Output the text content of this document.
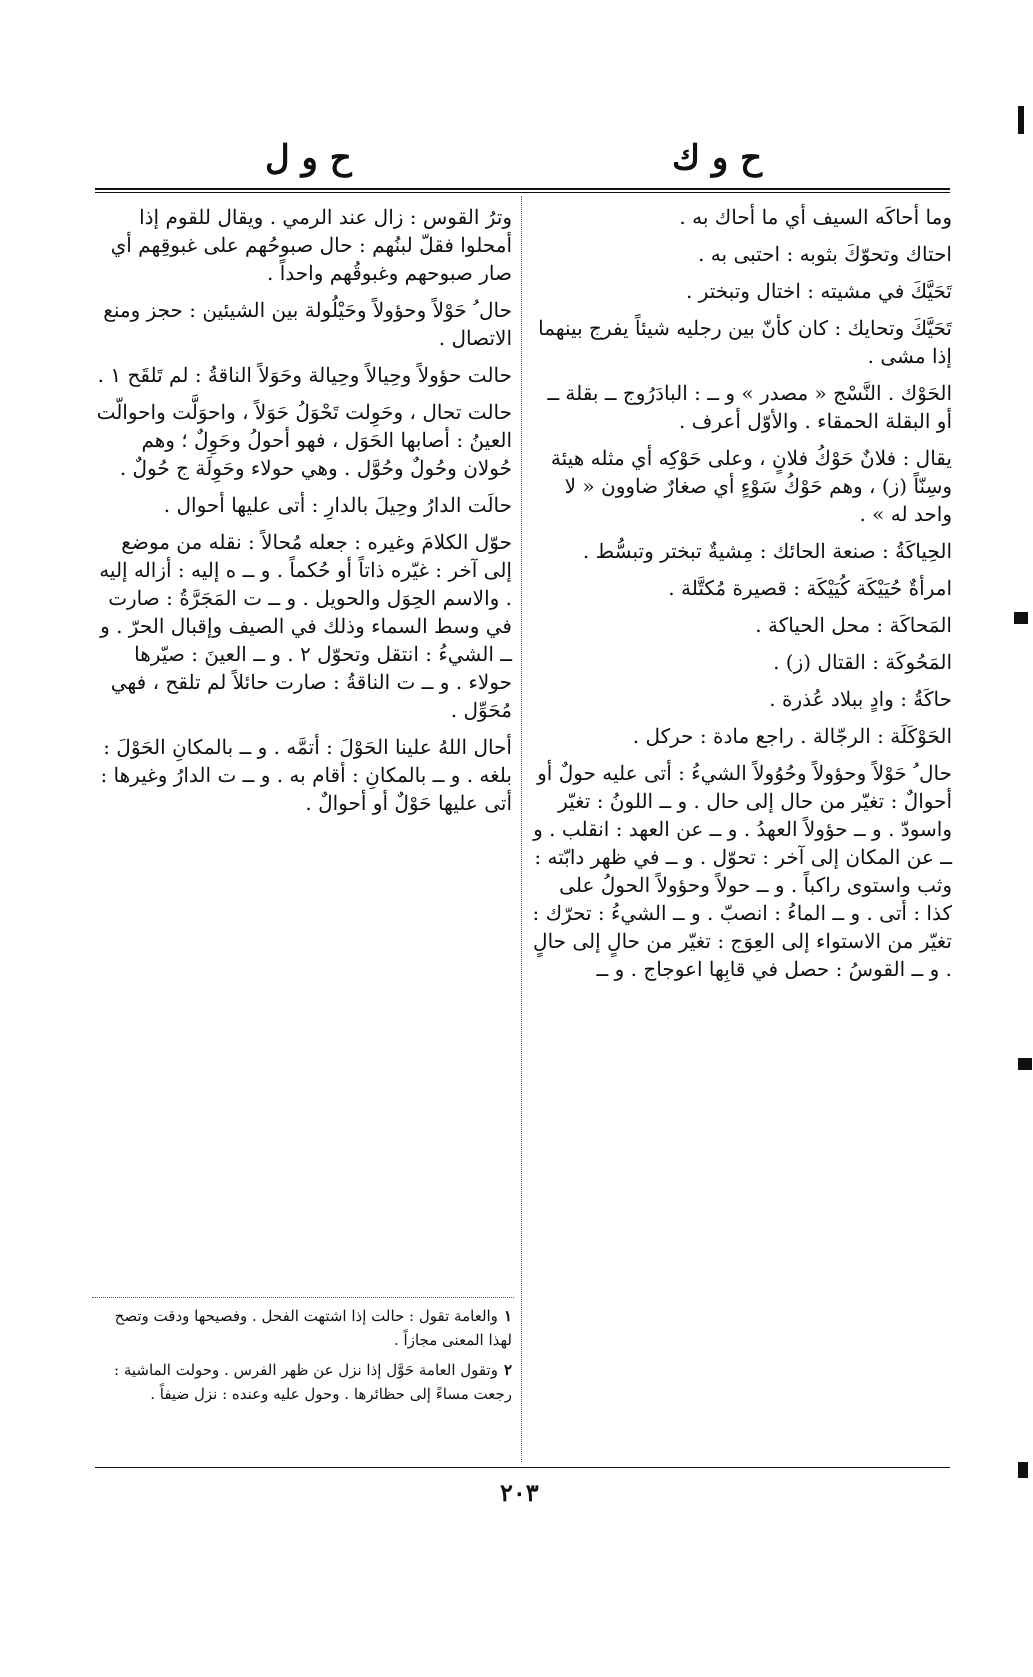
ح و ك
ح و ل

وما أحاكَه السيف أي ما أحاك به .

احتاك وتحوّكَ بثوبه : احتبى به .

تَحَيَّكَ في مشيته : اختال وتبختر .

تَحَيَّكَ وتحايك : كان كأنّ بين رجليه شيئاً يفرج بينهما إذا مشى .

الحَوْك . النَّسْج « مصدر » و ــ : البادَرُوج ــ بقلة ــ أو البقلة الحمقاء . والأوّل أعرف .

يقال : فلانٌ حَوْكُ فلانٍ ، وعلى حَوْكِه أي مثله هيئة وسِنّاً (ز) ، وهم حَوْكُ سَوْءٍ أي صغارٌ ضاوون « لا واحد له » .

الحِياكَةُ : صنعة الحائك : مِشيةٌ تبختر وتبسُّط .

امرأةٌ حُيَيْكَة كُيَيْكَة : قصيرة مُكتَّلة .

المَحاكَة : محل الحياكة .

المَحُوكَة : القتال (ز) .

حاكَةُ : وادٍ ببلاد عُذرة .

الحَوْكَلَة : الرجّالة . راجع مادة : حركل .

حال ُ حَوْلاً وحؤولاً وحُوُولاً الشيءُ : أتى عليه حولٌ أو أحوالٌ : تغيّر من حال إلى حال . و ــ اللونُ : تغيّر واسودّ . و ــ حؤولاً العهدُ . و ــ عن العهد : انقلب . و ــ عن المكان إلى آخر : تحوّل . و ــ في ظهر دابّته : وثب واستوى راكباً . و ــ حولاً وحؤولاً الحولُ على كذا : أتى . و ــ الماءُ : انصبّ . و ــ الشيءُ : تحرّك : تغيّر من الاستواء إلى العِوَج : تغيّر من حالٍ إلى حالٍ . و ــ القوسُ : حصل في قابِها اعوجاج . و ــ

وترُ القوس : زال عند الرمي . ويقال للقوم إذا أمحلوا فقلّ لبنُهم : حال صبوحُهم على غبوقِهم أي صار صبوحهم وغبوقُهم واحداً .

حال ُ حَوْلاً وحؤولاً وحَيْلُولة بين الشيئين : حجز ومنع الاتصال .

حالت حؤولاً وحِيالاً وحِيالة وحَوَلاً الناقةُ : لم تَلقَح ١ .

حالت تحال ، وحَوِلت تَحْوَلُ حَوَلاً ، واحوَلَّت واحوالّت العينُ : أصابها الحَوَل ، فهو أحولُ وحَوِلٌ ؛ وهم حُولان وحُولٌ وحُوَّل . وهي حولاء وحَوِلَة ج حُولٌ .

حالَت الدارُ وحِيلَ بالدارِ : أتى عليها أحوال .

حوّل الكلامَ وغيره : جعله مُحالاً : نقله من موضع إلى آخر : غيّره ذاتاً أو حُكماً . و ــ ه إليه : أزاله إليه . والاسم الحِوَل والحويل . و ــ ت المَجَرَّةُ : صارت في وسط السماء وذلك في الصيف وإقبال الحرّ . و ــ الشيءُ : انتقل وتحوّل ٢ . و ــ العينَ : صيّرها حولاء . و ــ ت الناقةُ : صارت حائلاً لم تلقح ، فهي مُحَوِّل .

أحال اللهُ علينا الحَوْلَ : أتمَّه . و ــ بالمكانِ الحَوْلَ : بلغه . و ــ بالمكانِ : أقام به . و ــ ت الدارُ وغيرها : أتى عليها حَوْلٌ أو أحوالٌ .

١والعامة تقول : حالت إذا اشتهت الفحل . وفصيحها ودقت وتصح لهذا المعنى مجازاً .

٢وتقول العامة حَوَّل إذا نزل عن ظهر الفرس . وحولت الماشية : رجعت مساءً إلى حظائرها . وحول عليه وعنده : نزل ضيفاً .

٢٠٣
